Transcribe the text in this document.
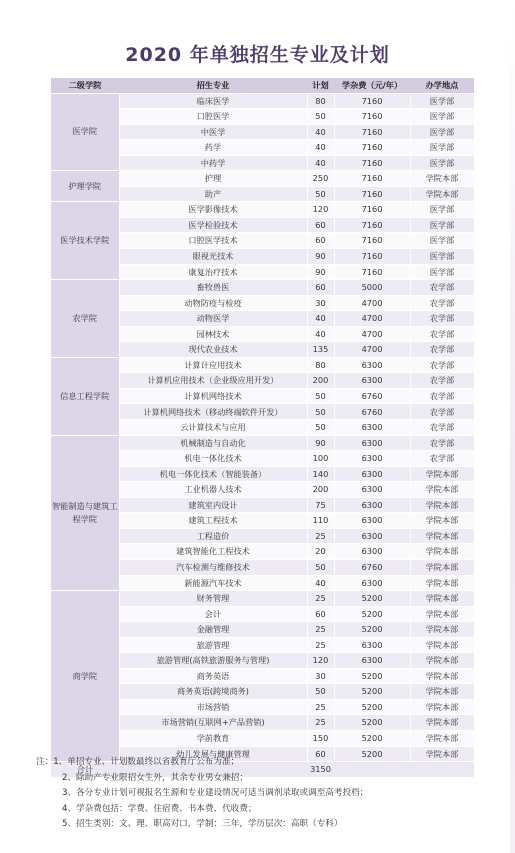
2020 年单独招生专业及计划
二级学院	招生专业	计划	学杂费（元/年）	办学地点
医学院	临床医学	80	7160	医学部
	口腔医学	50	7160	医学部
	中医学	40	7160	医学部
	药学	40	7160	医学部
	中药学	40	7160	医学部
护理学院	护理	250	7160	学院本部
	助产	50	7160	学院本部
医学技术学院	医学影像技术	120	7160	医学部
	医学检验技术	60	7160	医学部
	口腔医学技术	60	7160	医学部
	眼视光技术	90	7160	医学部
	康复治疗技术	90	7160	医学部
农学院	畜牧兽医	60	5000	农学部
	动物防疫与检疫	30	4700	农学部
	动物医学	40	4700	农学部
	园林技术	40	4700	农学部
	现代农业技术	135	4700	农学部
信息工程学院	计算计应用技术	80	6300	农学部
	计算机应用技术（企业级应用开发）	200	6300	农学部
	计算机网络技术	50	6760	农学部
	计算机网络技术（移动终端软件开发）	50	6760	农学部
	云计算技术与应用	50	6300	农学部
智能制造与建筑工程学院	机械制造与自动化	90	6300	农学部
	机电一体化技术	100	6300	农学部
	机电一体化技术（智能装备）	140	6300	学院本部
	工业机器人技术	200	6300	学院本部
	建筑室内设计	75	6300	学院本部
	建筑工程技术	110	6300	学院本部
	工程造价	25	6300	学院本部
	建筑智能化工程技术	20	6300	学院本部
	汽车检测与维修技术	50	6760	学院本部
	新能源汽车技术	40	6300	学院本部
商学院	财务管理	25	5200	学院本部
	会计	60	5200	学院本部
	金融管理	25	5200	学院本部
	旅游管理	25	6300	学院本部
	旅游管理(高铁旅游服务与管理)	120	6300	学院本部
	商务英语	30	5200	学院本部
	商务英语(跨境商务)	50	5200	学院本部
	市场营销	25	5200	学院本部
	市场营销(互联网+产品营销)	25	5200	学院本部
	学前教育	150	5200	学院本部
	幼儿发展与健康管理	60	5200	学院本部
合计		3150		
注：1、单招专业、计划数最终以省教育厅公布为准；
2、除助产专业限招女生外，其余专业男女兼招；
3、各分专业计划可视报名生源和专业建设情况可适当调剂录取或调至高考投档；
4、学杂费包括：学费、住宿费、书本费、代收费；
5、招生类别：文、理、职高对口，学制：三年，学历层次：高职（专科）
